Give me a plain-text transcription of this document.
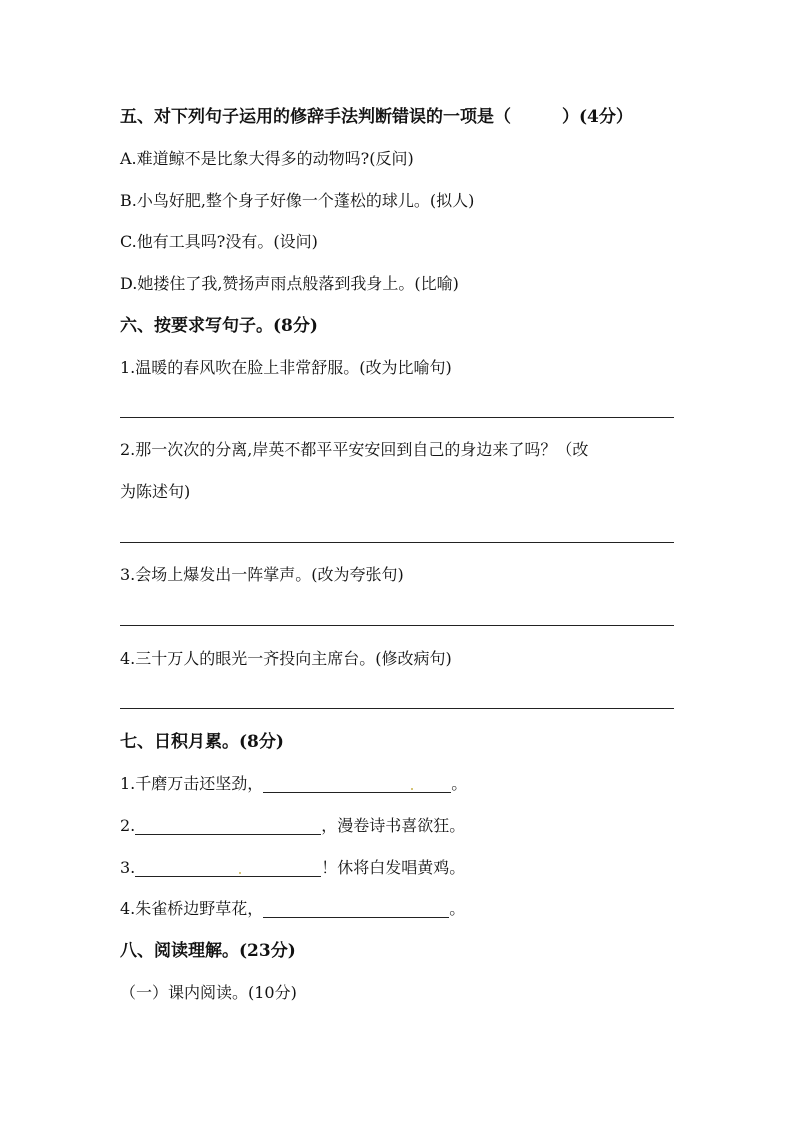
五、对下列句子运用的修辞手法判断错误的一项是（　　　）(4分）
A.难道鲸不是比象大得多的动物吗?(反问)
B.小鸟好肥,整个身子好像一个蓬松的球儿。(拟人)
C.他有工具吗?没有。(设问)
D.她搂住了我,赞扬声雨点般落到我身上。(比喻)
六、按要求写句子。(8分)
1.温暖的春风吹在脸上非常舒服。(改为比喻句)
2.那一次次的分离,岸英不都平平安安回到自己的身边来了吗？（改
为陈述句)
3.会场上爆发出一阵掌声。(改为夸张句)
4.三十万人的眼光一齐投向主席台。(修改病句)
七、日积月累。(8分)
1.千磨万击还坚劲，	。
2.	，漫卷诗书喜欲狂。
3.	！休将白发唱黄鸡。
4.朱雀桥边野草花，	。
八、阅读理解。(23分)
（一）课内阅读。(10分)
